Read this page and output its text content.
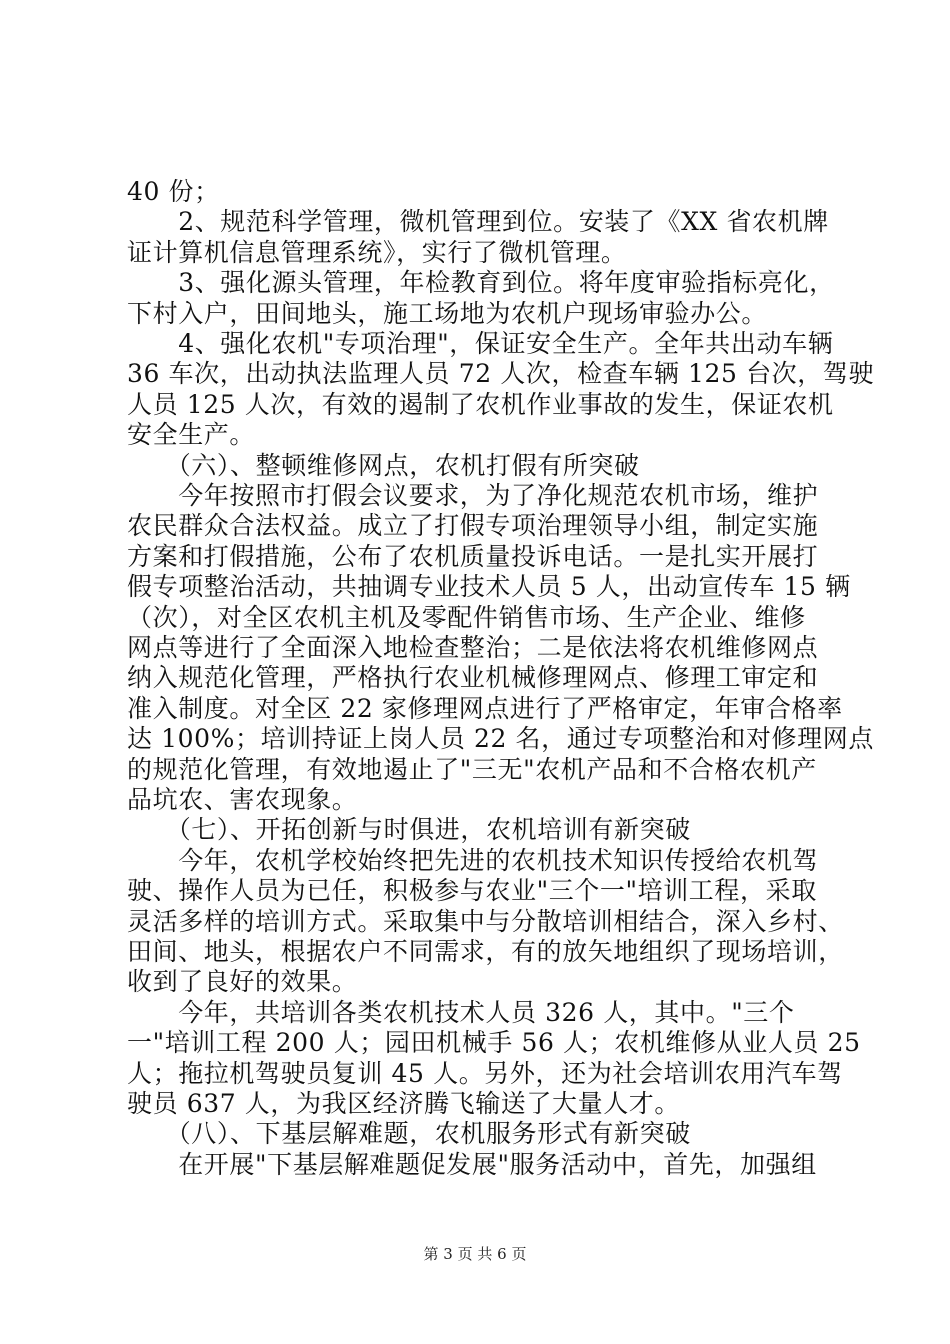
40 份；
　　2、规范科学管理，微机管理到位。安装了《XX 省农机牌
证计算机信息管理系统》，实行了微机管理。
　　3、强化源头管理，年检教育到位。将年度审验指标亮化，
下村入户，田间地头，施工场地为农机户现场审验办公。
　　4、强化农机"专项治理"，保证安全生产。全年共出动车辆
36 车次，出动执法监理人员 72 人次，检查车辆 125 台次，驾驶
人员 125 人次，有效的遏制了农机作业事故的发生，保证农机
安全生产。
　　（六）、整顿维修网点，农机打假有所突破
　　今年按照市打假会议要求，为了净化规范农机市场，维护
农民群众合法权益。成立了打假专项治理领导小组，制定实施
方案和打假措施，公布了农机质量投诉电话。一是扎实开展打
假专项整治活动，共抽调专业技术人员 5 人，出动宣传车 15 辆
（次），对全区农机主机及零配件销售市场、生产企业、维修
网点等进行了全面深入地检查整治；二是依法将农机维修网点
纳入规范化管理，严格执行农业机械修理网点、修理工审定和
准入制度。对全区 22 家修理网点进行了严格审定，年审合格率
达 100%；培训持证上岗人员 22 名，通过专项整治和对修理网点
的规范化管理，有效地遏止了"三无"农机产品和不合格农机产
品坑农、害农现象。
　　（七）、开拓创新与时俱进，农机培训有新突破
　　今年，农机学校始终把先进的农机技术知识传授给农机驾
驶、操作人员为已任，积极参与农业"三个一"培训工程，采取
灵活多样的培训方式。采取集中与分散培训相结合，深入乡村、
田间、地头，根据农户不同需求，有的放矢地组织了现场培训，
收到了良好的效果。
　　今年，共培训各类农机技术人员 326 人，其中。"三个
一"培训工程 200 人；园田机械手 56 人；农机维修从业人员 25
人；拖拉机驾驶员复训 45 人。另外，还为社会培训农用汽车驾
驶员 637 人，为我区经济腾飞输送了大量人才。
　　（八）、下基层解难题，农机服务形式有新突破
　　在开展"下基层解难题促发展"服务活动中，首先，加强组
第 3 页 共 6 页
